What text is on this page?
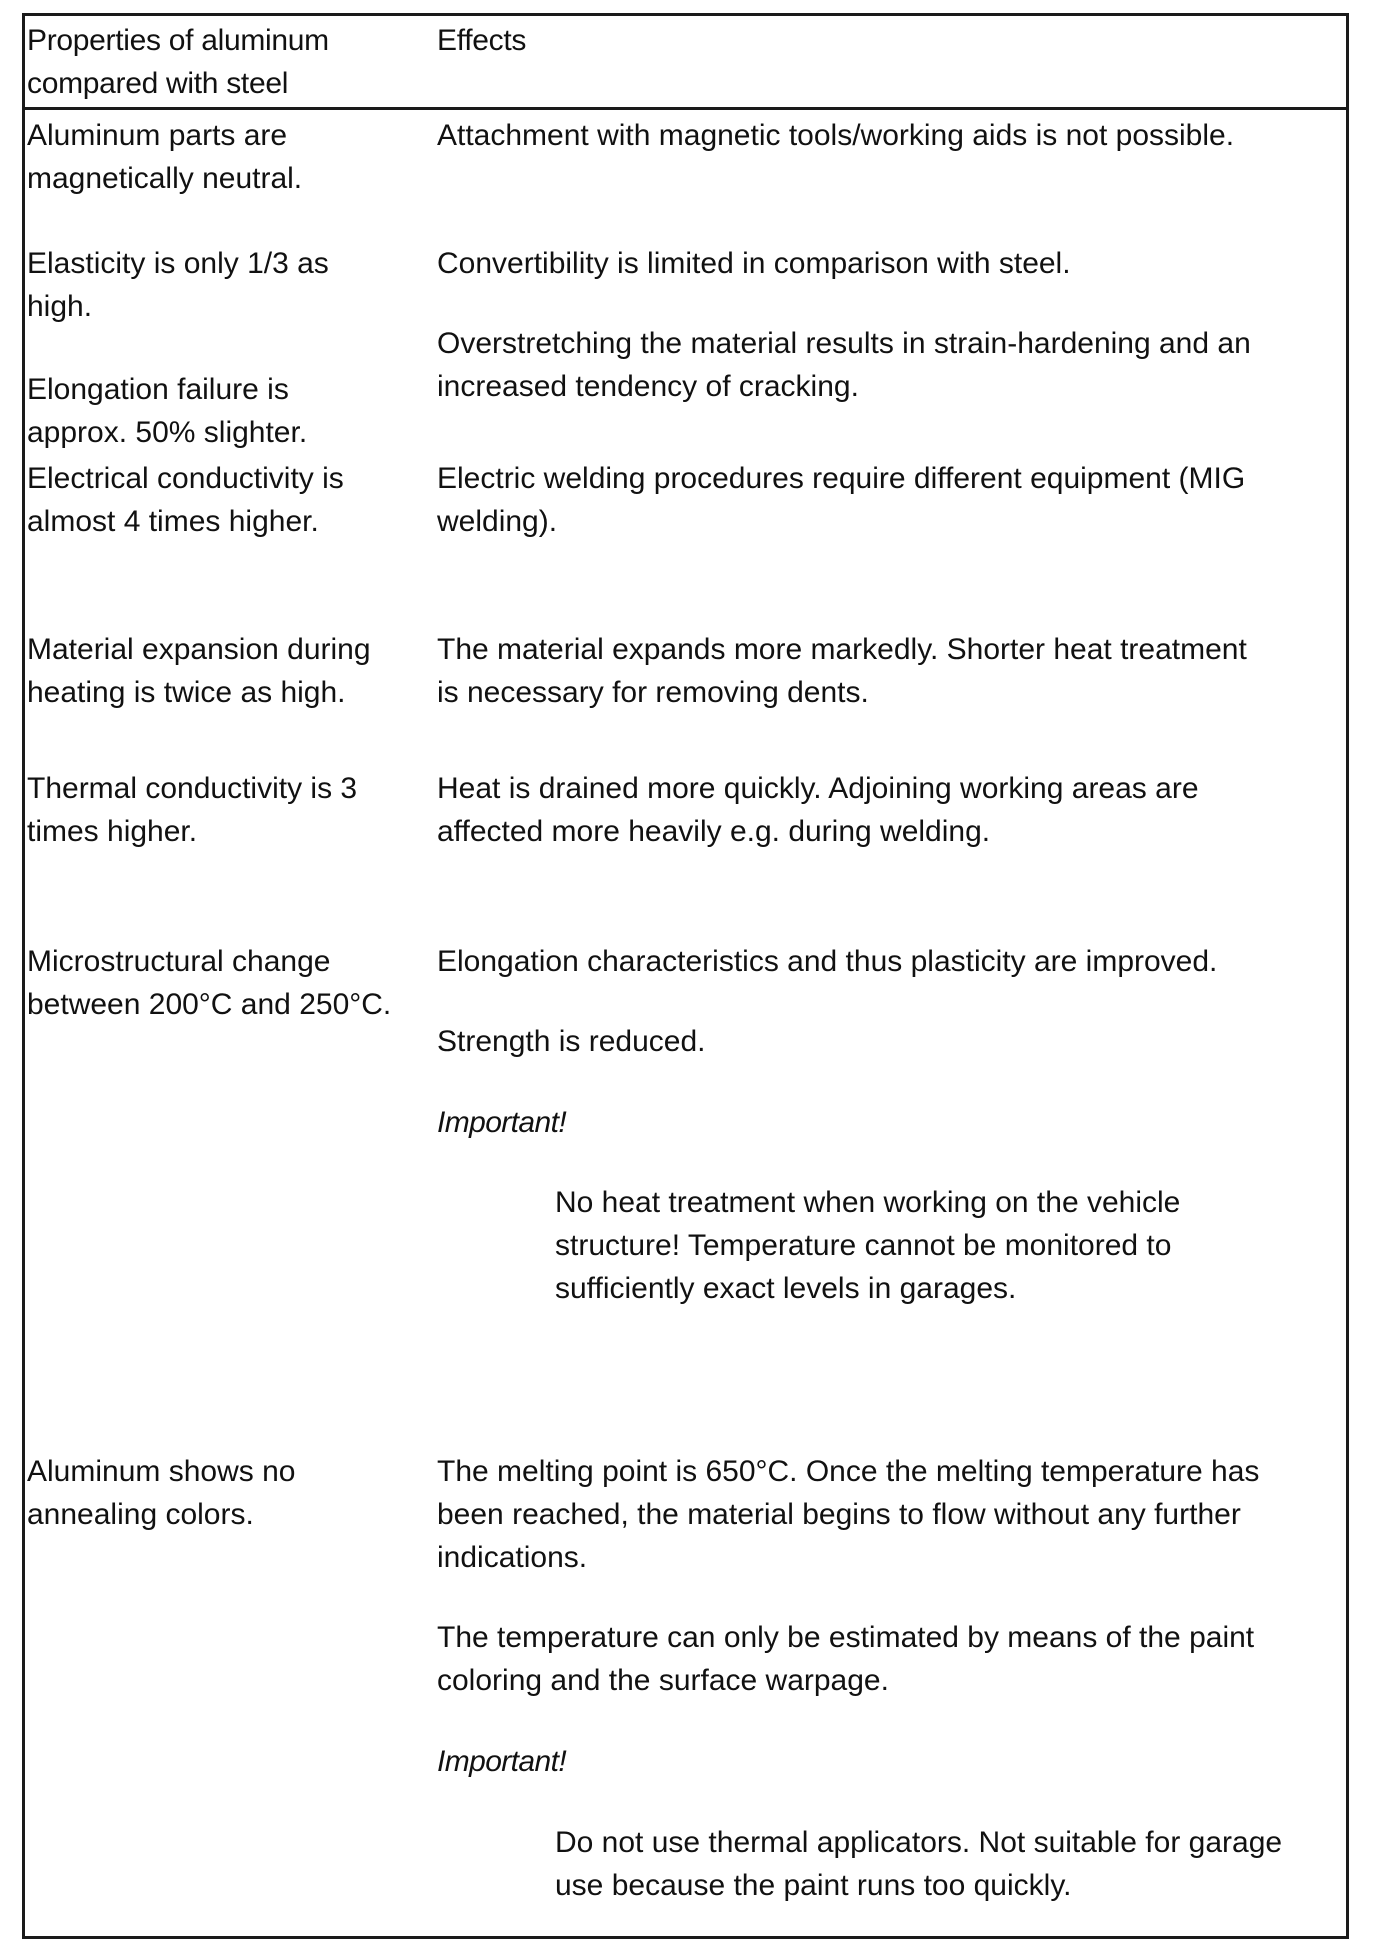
Properties of aluminum
compared with steel
Effects
Aluminum parts are
magnetically neutral.
Attachment with magnetic tools/working aids is not possible.
Elasticity is only 1/3 as
high.
Convertibility is limited in comparison with steel.
Elongation failure is
approx. 50% slighter.
Overstretching the material results in strain-hardening and an
increased tendency of cracking.
Electrical conductivity is
almost 4 times higher.
Electric welding procedures require different equipment (MIG
welding).
Material expansion during
heating is twice as high.
The material expands more markedly. Shorter heat treatment
is necessary for removing dents.
Thermal conductivity is 3
times higher.
Heat is drained more quickly. Adjoining working areas are
affected more heavily e.g. during welding.
Microstructural change
between 200°C and 250°C.
Elongation characteristics and thus plasticity are improved.
Strength is reduced.
Important!
No heat treatment when working on the vehicle
structure! Temperature cannot be monitored to
sufficiently exact levels in garages.
Aluminum shows no
annealing colors.
The melting point is 650°C. Once the melting temperature has
been reached, the material begins to flow without any further
indications.
The temperature can only be estimated by means of the paint
coloring and the surface warpage.
Important!
Do not use thermal applicators. Not suitable for garage
use because the paint runs too quickly.
